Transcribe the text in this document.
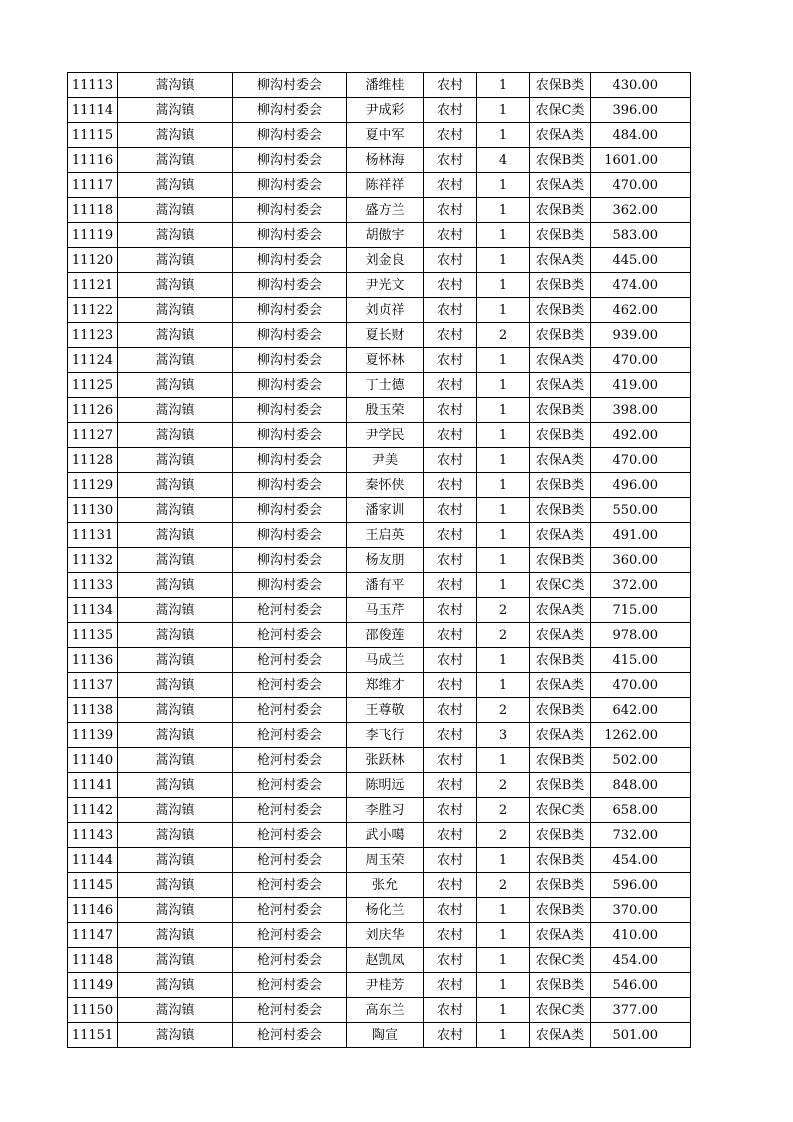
11113	蒿沟镇	柳沟村委会	潘维桂	农村	1	农保B类	430.00
11114	蒿沟镇	柳沟村委会	尹成彩	农村	1	农保C类	396.00
11115	蒿沟镇	柳沟村委会	夏中军	农村	1	农保A类	484.00
11116	蒿沟镇	柳沟村委会	杨林海	农村	4	农保B类	1601.00
11117	蒿沟镇	柳沟村委会	陈祥祥	农村	1	农保A类	470.00
11118	蒿沟镇	柳沟村委会	盛方兰	农村	1	农保B类	362.00
11119	蒿沟镇	柳沟村委会	胡傲宇	农村	1	农保B类	583.00
11120	蒿沟镇	柳沟村委会	刘金良	农村	1	农保A类	445.00
11121	蒿沟镇	柳沟村委会	尹光文	农村	1	农保B类	474.00
11122	蒿沟镇	柳沟村委会	刘贞祥	农村	1	农保B类	462.00
11123	蒿沟镇	柳沟村委会	夏长财	农村	2	农保B类	939.00
11124	蒿沟镇	柳沟村委会	夏怀林	农村	1	农保A类	470.00
11125	蒿沟镇	柳沟村委会	丁士德	农村	1	农保A类	419.00
11126	蒿沟镇	柳沟村委会	殷玉荣	农村	1	农保B类	398.00
11127	蒿沟镇	柳沟村委会	尹学民	农村	1	农保B类	492.00
11128	蒿沟镇	柳沟村委会	尹美	农村	1	农保A类	470.00
11129	蒿沟镇	柳沟村委会	秦怀侠	农村	1	农保B类	496.00
11130	蒿沟镇	柳沟村委会	潘家训	农村	1	农保B类	550.00
11131	蒿沟镇	柳沟村委会	王启英	农村	1	农保A类	491.00
11132	蒿沟镇	柳沟村委会	杨友朋	农村	1	农保B类	360.00
11133	蒿沟镇	柳沟村委会	潘有平	农村	1	农保C类	372.00
11134	蒿沟镇	枪河村委会	马玉芹	农村	2	农保A类	715.00
11135	蒿沟镇	枪河村委会	邵俊莲	农村	2	农保A类	978.00
11136	蒿沟镇	枪河村委会	马成兰	农村	1	农保B类	415.00
11137	蒿沟镇	枪河村委会	郑维才	农村	1	农保A类	470.00
11138	蒿沟镇	枪河村委会	王尊敬	农村	2	农保B类	642.00
11139	蒿沟镇	枪河村委会	李飞行	农村	3	农保A类	1262.00
11140	蒿沟镇	枪河村委会	张跃林	农村	1	农保B类	502.00
11141	蒿沟镇	枪河村委会	陈明远	农村	2	农保B类	848.00
11142	蒿沟镇	枪河村委会	李胜习	农村	2	农保C类	658.00
11143	蒿沟镇	枪河村委会	武小噶	农村	2	农保B类	732.00
11144	蒿沟镇	枪河村委会	周玉荣	农村	1	农保B类	454.00
11145	蒿沟镇	枪河村委会	张允	农村	2	农保B类	596.00
11146	蒿沟镇	枪河村委会	杨化兰	农村	1	农保B类	370.00
11147	蒿沟镇	枪河村委会	刘庆华	农村	1	农保A类	410.00
11148	蒿沟镇	枪河村委会	赵凯凤	农村	1	农保C类	454.00
11149	蒿沟镇	枪河村委会	尹桂芳	农村	1	农保B类	546.00
11150	蒿沟镇	枪河村委会	高东兰	农村	1	农保C类	377.00
11151	蒿沟镇	枪河村委会	陶宣	农村	1	农保A类	501.00
